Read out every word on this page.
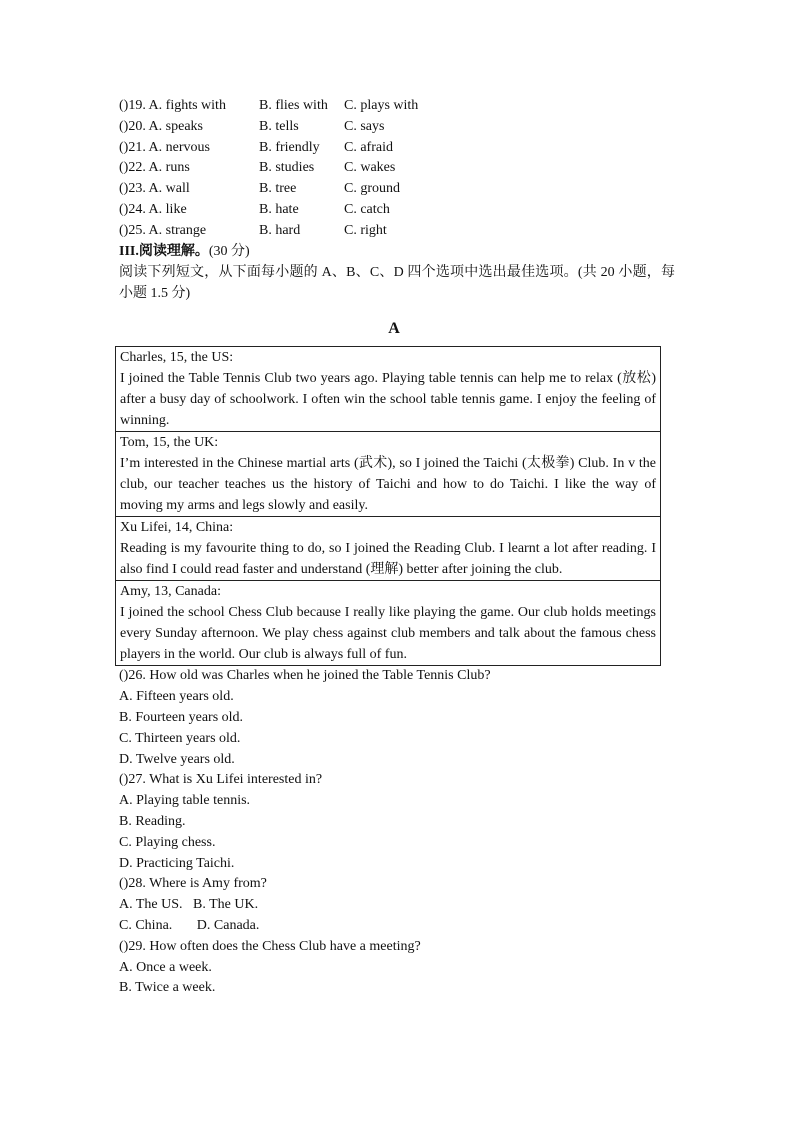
()19. A. fights with	B. flies with	C. plays with
()20. A. speaks	B. tells	C. says
()21. A. nervous	B. friendly	C. afraid
()22. A. runs	B. studies	C. wakes
()23. A. wall	B. tree	C. ground
()24. A. like	B. hate	C. catch
()25. A. strange	B. hard	C. right
III.阅读理解。(30 分)
阅读下列短文，从下面每小题的 A、B、C、D 四个选项中选出最佳选项。(共 20 小题，每小题 1.5 分)
A
Charles, 15, the US:
I joined the Table Tennis Club two years ago. Playing table tennis can help me to relax (放松) after a busy day of schoolwork. I often win the school table tennis game. I enjoy the feeling of winning.

Tom, 15, the UK:
I’m interested in the Chinese martial arts (武术), so I joined the Taichi (太极拳) Club. In v the club, our teacher teaches us the history of Taichi and how to do Taichi. I like the way of moving my arms and legs slowly and easily.

Xu Lifei, 14, China:
Reading is my favourite thing to do, so I joined the Reading Club. I learnt a lot after reading. I also find I could read faster and understand (理解) better after joining the club.

Amy, 13, Canada:
I joined the school Chess Club because I really like playing the game. Our club holds meetings every Sunday afternoon. We play chess against club members and talk about the famous chess players in the world. Our club is always full of fun.
()26. How old was Charles when he joined the Table Tennis Club?
A. Fifteen years old.
B. Fourteen years old.
C. Thirteen years old.
D. Twelve years old.
()27. What is Xu Lifei interested in?
A. Playing table tennis.
B. Reading.
C. Playing chess.
D. Practicing Taichi.
()28. Where is Amy from?
A. The US.   B. The UK.
C. China.       D. Canada.
()29. How often does the Chess Club have a meeting?
A. Once a week.
B. Twice a week.
